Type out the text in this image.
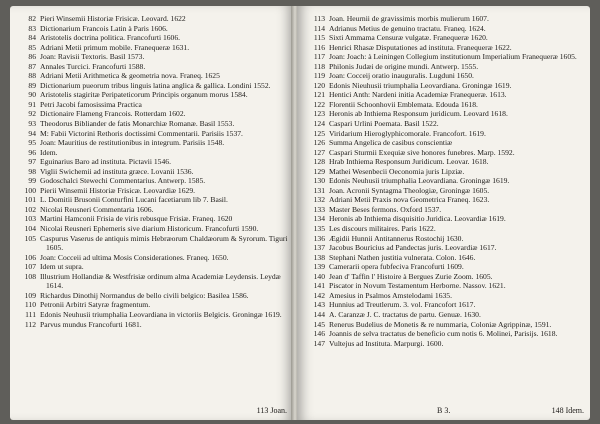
82 Pieri Winsemii Historiæ Frisicæ. Leovard. 1622
83 Dictionarium Francois Latin à Paris 1606.
84 Aristotelis doctrina politica. Francofurti 1606.
85 Adriani Metii primum mobile. Franequeræ 1631.
86 Joan: Ravisii Textoris. Basil 1573.
87 Annales Turcici. Francofurti 1588.
88 Adriani Metii Arithmetica & geometria nova. Franeq. 1625
89 Dictionarium pueorum tribus linguis latina anglica & gallica. Londini 1552.
90 Aristotelis stagiritæ Peripateticorum Principis organum morus 1584.
91 Petri Jacobi famosissima Practica
92 Dictionaire Flameng Francois. Rotterdam 1602.
93 Theodorus Bibliander de fatis Monarchiæ Romanæ. Basil 1553.
94 M: Fabii Victorini Rethoris doctissimi Commentarii. Parisiis 1537.
95 Joan: Mauritius de restitutionibus in integrum. Parisiis 1548.
96 Idem.
97 Eguinarius Baro ad instituta. Pictavii 1546.
98 Viglii Swichemii ad instituta græce. Lovanii 1536.
99 Godoschalci Stewechi Commentarius. Antwerp. 1585.
100 Pierii Winsemii Historiæ Frisicæ. Leovardiæ 1629.
101 L. Domitii Brusonii Conturfini Lucani facetiarum lib 7. Basil.
102 Nicolai Reusneri Commentaria 1606.
103 Martini Hamconii Frisia de viris rebusque Frisiæ. Franeq. 1620
104 Nicolai Reusneri Ephemeris sive diarium Historicum. Francofurti 1590.
105 Caspurus Vaserus de antiquis mimis Hebræorum Chaldæorum & Syrorum. Tiguri 1605.
106 Joan: Cocceii ad ultima Mosis Considerationes. Franeq. 1650.
107 Idem ut supra.
108 Illustrium Hollandiæ & Westfrisiæ ordinum alma Academiæ Leydensis. Leydæ 1614.
109 Richardus Dinothij Normandus de bello civili belgico: Basilea 1586.
110 Petronii Arbitri Satyræ fragmentum.
111 Edonis Neuhusii triumphalia Leovardiana in victoriis Belgicis. Groningæ 1619.
112 Parvus mundus Francofurti 1681.
113 Joan.
113 Joan. Heurnii de gravissimis morbis mulierum 1607.
114 Adrianus Metius de genuino tractatu. Franeq. 1624.
115 Sixti Ammama Censuræ vulgatæ. Franequeræ 1620.
116 Henrici Rhasæ Disputationes ad instituta. Franequeræ 1622.
117 Joan: Joach: à Leiningen Collegium institutionum Imperialium Franequeræ 1605.
118 Philonis Judæi de origine mundi. Antwerp. 1555.
119 Joan: Cocceij oratio inauguralis. Lugduni 1650.
120 Edonis Nieuhusii triumphalia Leovardiana. Groningæ 1619.
121 Hentici Anth: Nardeni initia Academiæ Franequeræ. 1613.
122 Florentii Schoonhovii Emblemata. Edouda 1618.
123 Heronis ab Inthiema Responsum juridicum. Leovard 1618.
124 Caspari Urlini Poemata. Basil 1522.
125 Viridarium Hieroglyphicomorale. Francofort. 1619.
126 Summa Angelica de casibus conscientiæ
127 Caspari Sturmii Exequiæ sive honores funebres. Marp. 1592.
128 Hrab Inthiema Responsum Juridicum. Leovar. 1618.
129 Mathei Wesenbecii Oeconomia juris Lipziæ.
130 Edonis Neuhusii triumphalia Leovardiana. Groningæ 1619.
131 Joan. Acronii Syntagma Theologiæ, Groningæ 1605.
132 Adriani Metii Praxis nova Geometrica Franeq. 1623.
133 Master Beses fermons. Oxford 1537.
134 Heronis ab Inthiema disquisitio Juridica. Leovardiæ 1619.
135 Les discours militaires. Paris 1622.
136 Ægidii Hunnii Antitannerus Rostochij 1630.
137 Jacobus Bouricius ad Pandectas juris. Leovardiæ 1617.
138 Stephani Nathen justitia vulnerata. Colon. 1646.
139 Camerarii opera fubfeciva Francofurti 1609.
140 Jean d' Taffin l' Histoire à Bergues Zurie Zoom. 1605.
141 Piscator in Novum Testamentum Herborne. Nassov. 1621.
142 Amesius in Psalmos Amstelodami 1635.
143 Hunnius ad Treutlerum. 3. vol. Francofort 1617.
144 A. Caranzæ J. C. tractatus de partu. Genuæ. 1630.
145 Renerus Budelius de Monetis & re nummaria, Coloniæ Agrippinæ, 1591.
146 Joannis de selva tractatus de beneficio cum notis 6. Molinei, Parisijs. 1618.
147 Vultejus ad Instituta. Marpurgi. 1600.
B 3.	148 Idem.
